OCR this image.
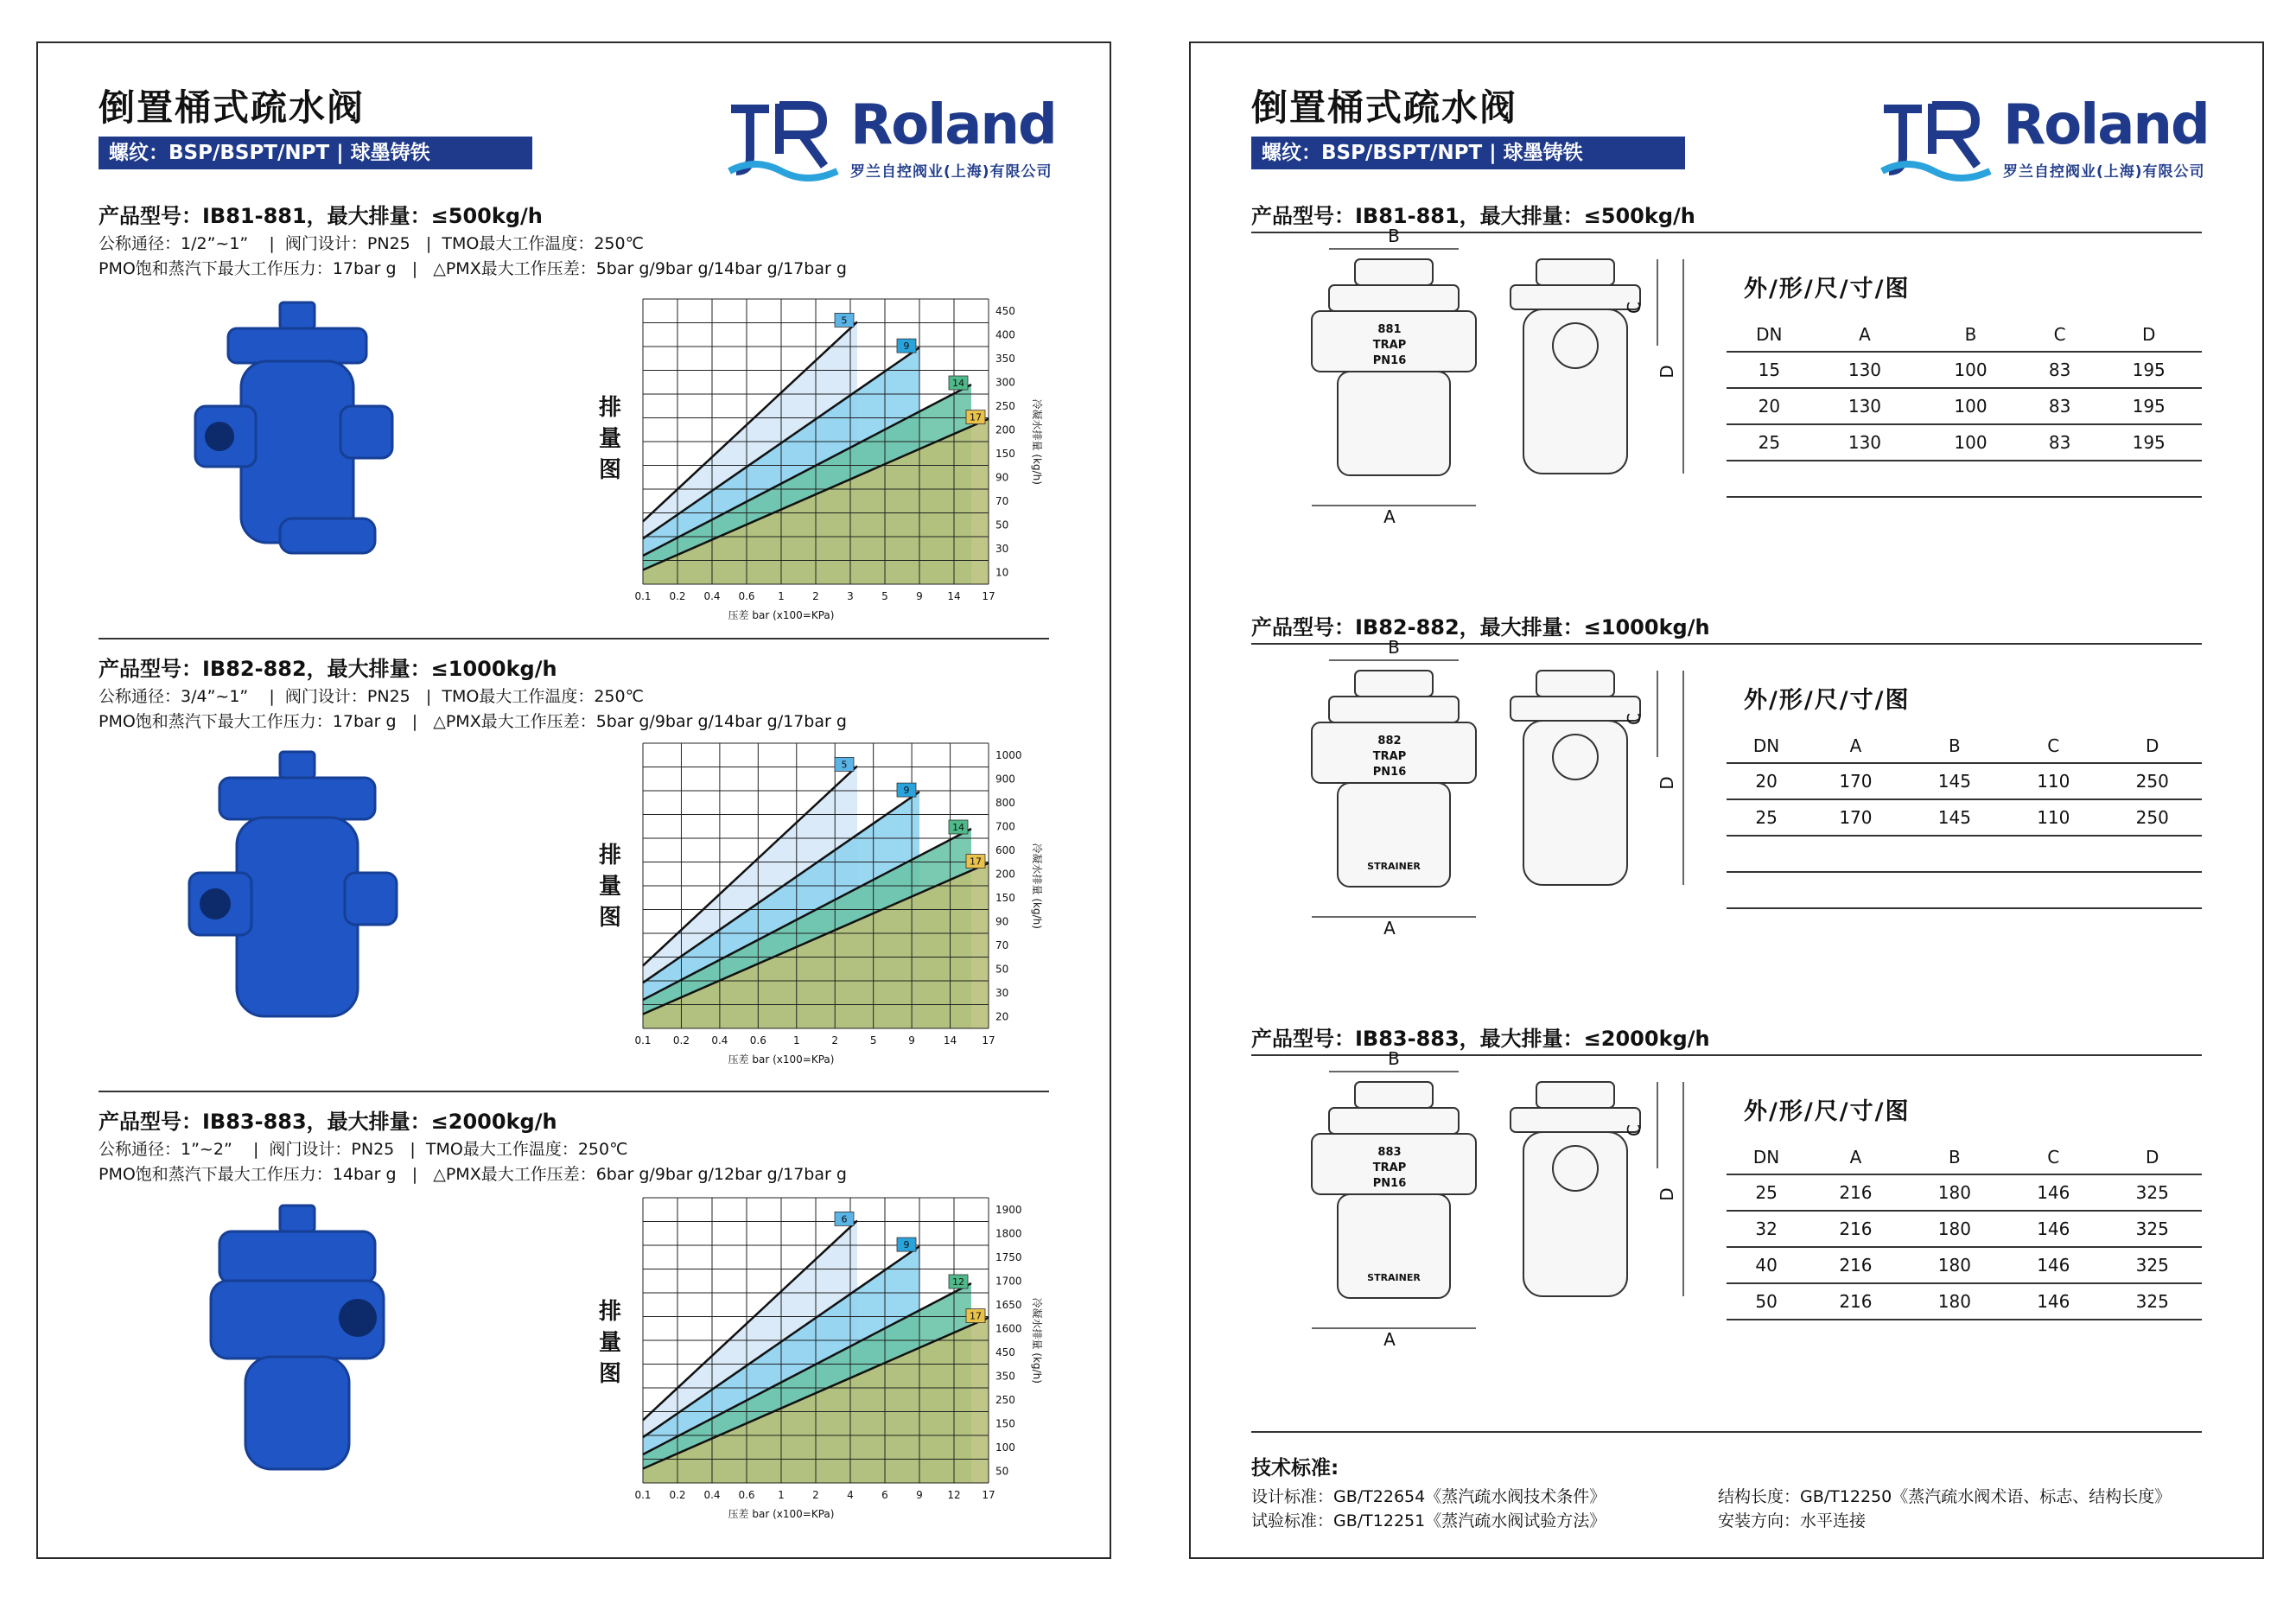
倒置桶式疏水阀
螺纹：BSP/BSPT/NPT | 球墨铸铁	Roland
罗兰自控阀业(上海)有限公司
产品型号：IB81-881，最大排量：≤500kg/h
公称通径：1/2”~1”    |  阀门设计：PN25   |  TMO最大工作温度：250℃
PMO饱和蒸汽下最大工作压力：17bar g   |   △PMX最大工作压差：5bar g/9bar g/14bar g/17bar g
产品型号：IB82-882，最大排量：≤1000kg/h
公称通径：3/4”~1”    |  阀门设计：PN25   |  TMO最大工作温度：250℃
PMO饱和蒸汽下最大工作压力：17bar g   |   △PMX最大工作压差：5bar g/9bar g/14bar g/17bar g
产品型号：IB83-883，最大排量：≤2000kg/h
公称通径：1”~2”    |  阀门设计：PN25   |  TMO最大工作温度：250℃
PMO饱和蒸汽下最大工作压力：14bar g   |   △PMX最大工作压差：6bar g/9bar g/12bar g/17bar g
排
量
图
排
量
图
排
量
图
5
9
14
17
0.1 0.2 0.4 0.6 1	2	3	5	9 14 17
10
30
50
70
90
150
200
250
300
350
400
450
压差 bar (x100=KPa)
冷凝水排量 (kg/h)
5
9
14
17
0.1 0.2 0.4 0.6	1	2	5	9	14 17
20
30
50
70
90
150
200
600
700
800
900
1000
压差 bar (x100=KPa)
冷凝水排量 (kg/h)
6
9
12
17
0.1 0.2 0.4 0.6 1	2	4	6	9 12 17
50
100
150
250
350
450
1600
1650
1700
1750
1800
1900
压差 bar (x100=KPa)
冷凝水排量 (kg/h)
倒置桶式疏水阀
螺纹：BSP/BSPT/NPT | 球墨铸铁	Roland
罗兰自控阀业(上海)有限公司
产品型号：IB81-881，最大排量：≤500kg/h
881
TRAP
PN16
A
B
C
D
外/形/尺/寸/图
DN	A	B	C	D
15	130	100	83	195
20	130	100	83	195
25	130	100	83	195

产品型号：IB82-882，最大排量：≤1000kg/h
882
TRAP
PN16
STRAINER
A
B
C
D
外/形/尺/寸/图
DN	A	B	C	D
20	170	145	110	250
25	170	145	110	250

产品型号：IB83-883，最大排量：≤2000kg/h
883
TRAP
PN16
STRAINER
A
B
C
D
外/形/尺/寸/图
DN	A	B	C	D
25	216	180	146	325
32	216	180	146	325
40	216	180	146	325
50	216	180	146	325
技术标准:
设计标准：GB/T22654《蒸汽疏水阀技术条件》	结构长度：GB/T12250《蒸汽疏水阀术语、标志、结构长度》
试验标准：GB/T12251《蒸汽疏水阀试验方法》	安装方向：水平连接
